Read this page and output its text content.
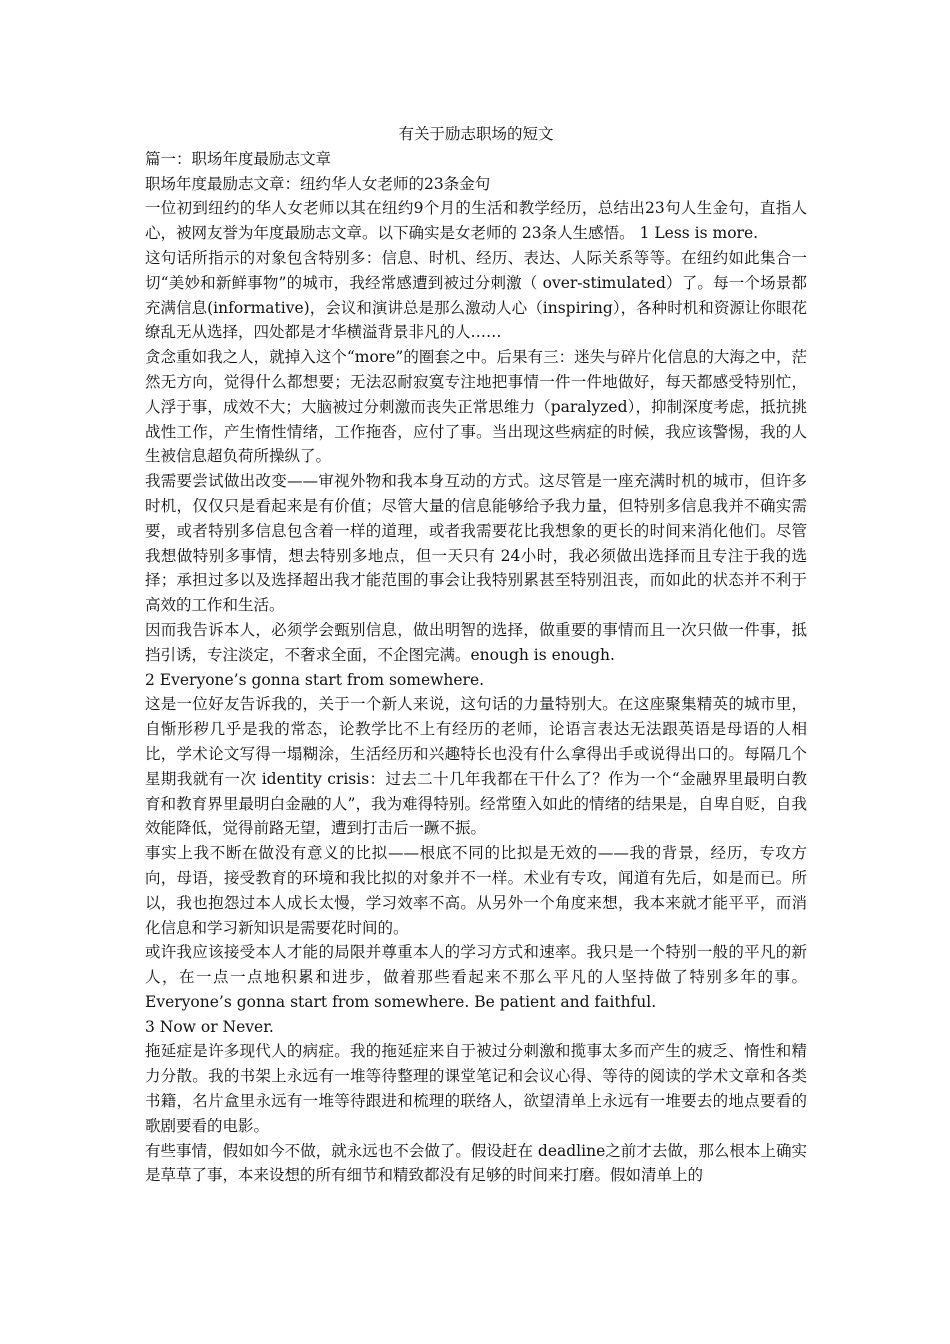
有关于励志职场的短文
篇一：职场年度最励志文章
职场年度最励志文章：纽约华人女老师的23条金句
一位初到纽约的华人女老师以其在纽约9个月的生活和教学经历，总结出23句人生金句，直指人心，被网友誉为年度最励志文章。以下确实是女老师的 23条人生感悟。 1 Less is more.
这句话所指示的对象包含特别多：信息、时机、经历、表达、人际关系等等。在纽约如此集合一切“美妙和新鲜事物”的城市，我经常感遭到被过分刺激（ over-stimulated）了。每一个场景都充满信息(informative)，会议和演讲总是那么激动人心（inspiring），各种时机和资源让你眼花缭乱无从选择，四处都是才华横溢背景非凡的人……
贪念重如我之人，就掉入这个“more”的圈套之中。后果有三：迷失与碎片化信息的大海之中，茫然无方向，觉得什么都想要；无法忍耐寂寞专注地把事情一件一件地做好，每天都感受特别忙，人浮于事，成效不大；大脑被过分刺激而丧失正常思维力（paralyzed），抑制深度考虑，抵抗挑战性工作，产生惰性情绪，工作拖沓，应付了事。当出现这些病症的时候，我应该警惕，我的人生被信息超负荷所操纵了。
我需要尝试做出改变——审视外物和我本身互动的方式。这尽管是一座充满时机的城市，但许多时机，仅仅只是看起来是有价值；尽管大量的信息能够给予我力量，但特别多信息我并不确实需要，或者特别多信息包含着一样的道理，或者我需要花比我想象的更长的时间来消化他们。尽管我想做特别多事情，想去特别多地点，但一天只有 24小时，我必须做出选择而且专注于我的选择；承担过多以及选择超出我才能范围的事会让我特别累甚至特别沮丧，而如此的状态并不利于高效的工作和生活。
因而我告诉本人，必须学会甄别信息，做出明智的选择，做重要的事情而且一次只做一件事，抵挡引诱，专注淡定，不奢求全面，不企图完满。enough is enough.
2 Everyone’s gonna start from somewhere.
这是一位好友告诉我的，关于一个新人来说，这句话的力量特别大。在这座聚集精英的城市里，自惭形秽几乎是我的常态，论教学比不上有经历的老师，论语言表达无法跟英语是母语的人相比，学术论文写得一塌糊涂，生活经历和兴趣特长也没有什么拿得出手或说得出口的。每隔几个星期我就有一次 identity crisis：过去二十几年我都在干什么了？作为一个“金融界里最明白教育和教育界里最明白金融的人”，我为难得特别。经常堕入如此的情绪的结果是，自卑自贬，自我效能降低，觉得前路无望，遭到打击后一蹶不振。
事实上我不断在做没有意义的比拟——根底不同的比拟是无效的——我的背景，经历，专攻方向，母语，接受教育的环境和我比拟的对象并不一样。术业有专攻，闻道有先后，如是而已。所以，我也抱怨过本人成长太慢，学习效率不高。从另外一个角度来想，我本来就才能平平，而消化信息和学习新知识是需要花时间的。
或许我应该接受本人才能的局限并尊重本人的学习方式和速率。我只是一个特别一般的平凡的新人，在一点一点地积累和进步，做着那些看起来不那么平凡的人坚持做了特别多年的事。Everyone’s gonna start from somewhere. Be patient and faithful.
3 Now or Never.
拖延症是许多现代人的病症。我的拖延症来自于被过分刺激和揽事太多而产生的疲乏、惰性和精力分散。我的书架上永远有一堆等待整理的课堂笔记和会议心得、等待的阅读的学术文章和各类书籍，名片盒里永远有一堆等待跟进和梳理的联络人，欲望清单上永远有一堆要去的地点要看的歌剧要看的电影。
有些事情，假如如今不做，就永远也不会做了。假设赶在 deadline之前才去做，那么根本上确实是草草了事，本来设想的所有细节和精致都没有足够的时间来打磨。假如清单上的
